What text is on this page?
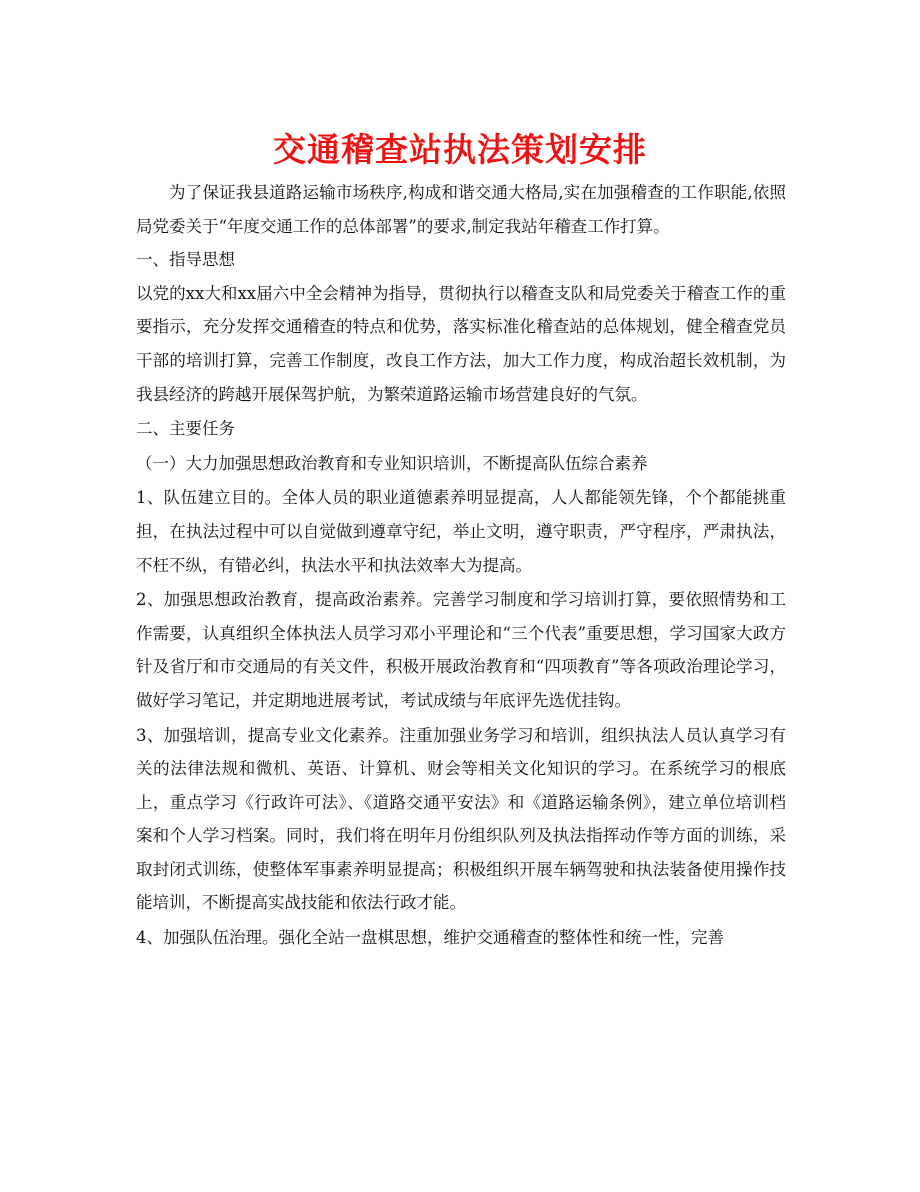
交通稽查站执法策划安排

为了保证我县道路运输市场秩序,构成和谐交通大格局,实在加强稽查的工作职能,依照局党委关于“年度交通工作的总体部署”的要求,制定我站年稽查工作打算。

一、指导思想

以党的xx大和xx届六中全会精神为指导，贯彻执行以稽查支队和局党委关于稽查工作的重要指示，充分发挥交通稽查的特点和优势，落实标准化稽查站的总体规划，健全稽查党员干部的培训打算，完善工作制度，改良工作方法，加大工作力度，构成治超长效机制，为我县经济的跨越开展保驾护航，为繁荣道路运输市场营建良好的气氛。

二、主要任务

（一）大力加强思想政治教育和专业知识培训，不断提高队伍综合素养

1、队伍建立目的。全体人员的职业道德素养明显提高，人人都能领先锋，个个都能挑重担，在执法过程中可以自觉做到遵章守纪，举止文明，遵守职责，严守程序，严肃执法，不枉不纵，有错必纠，执法水平和执法效率大为提高。

2、加强思想政治教育，提高政治素养。完善学习制度和学习培训打算，要依照情势和工作需要，认真组织全体执法人员学习邓小平理论和“三个代表”重要思想，学习国家大政方针及省厅和市交通局的有关文件，积极开展政治教育和“四项教育”等各项政治理论学习，做好学习笔记，并定期地进展考试，考试成绩与年底评先选优挂钩。

3、加强培训，提高专业文化素养。注重加强业务学习和培训，组织执法人员认真学习有关的法律法规和微机、英语、计算机、财会等相关文化知识的学习。在系统学习的根底上，重点学习《行政许可法》、《道路交通平安法》和《道路运输条例》，建立单位培训档案和个人学习档案。同时，我们将在明年月份组织队列及执法指挥动作等方面的训练，采取封闭式训练，使整体军事素养明显提高；积极组织开展车辆驾驶和执法装备使用操作技能培训，不断提高实战技能和依法行政才能。

4、加强队伍治理。强化全站一盘棋思想，维护交通稽查的整体性和统一性，完善
